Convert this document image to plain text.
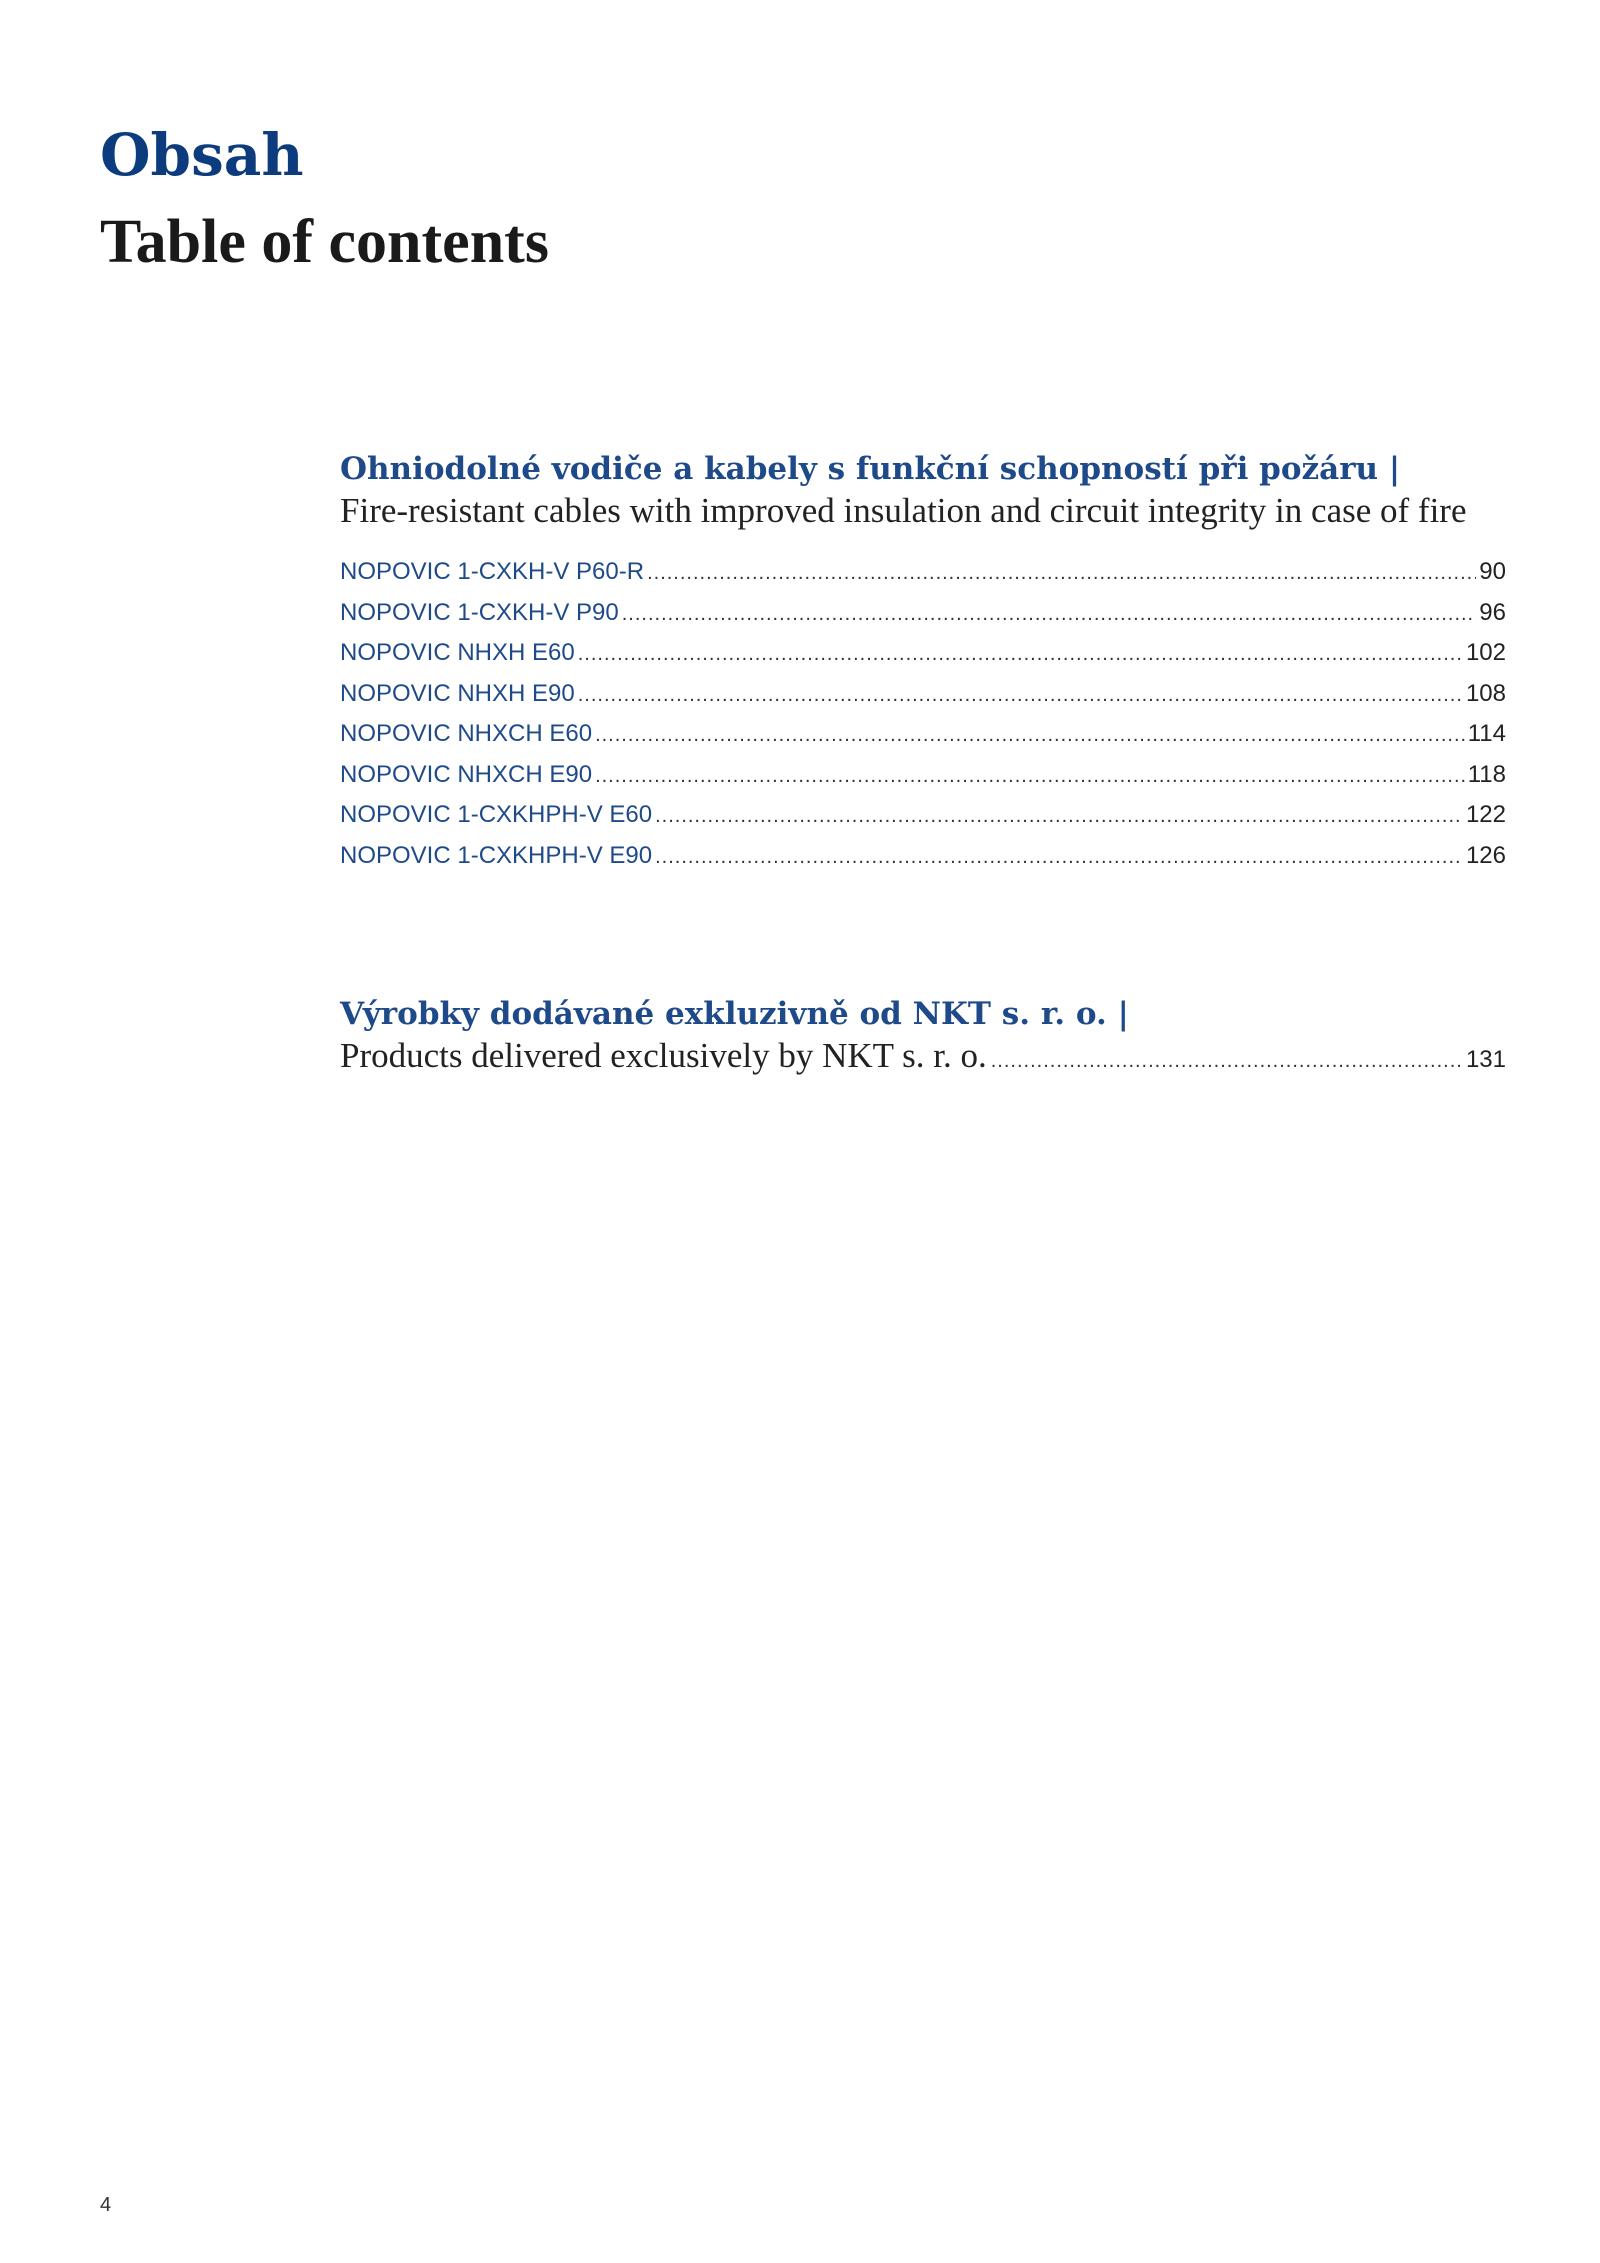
Obsah
Table of contents
Ohniodolné vodiče a kabely s funkční schopností při požáru |
Fire-resistant cables with improved insulation and circuit integrity in case of fire
NOPOVIC 1-CXKH-V P60-R .....	90
NOPOVIC 1-CXKH-V P90 .....	96
NOPOVIC NHXH E60 .....	102
NOPOVIC NHXH E90 .....	108
NOPOVIC NHXCH E60 .....	114
NOPOVIC NHXCH E90 .....	118
NOPOVIC 1-CXKHPH-V E60 .....	122
NOPOVIC 1-CXKHPH-V E90 .....	126
Výrobky dodávané exkluzivně od NKT s. r. o. |
Products delivered exclusively by NKT s. r. o. .....	131
4
